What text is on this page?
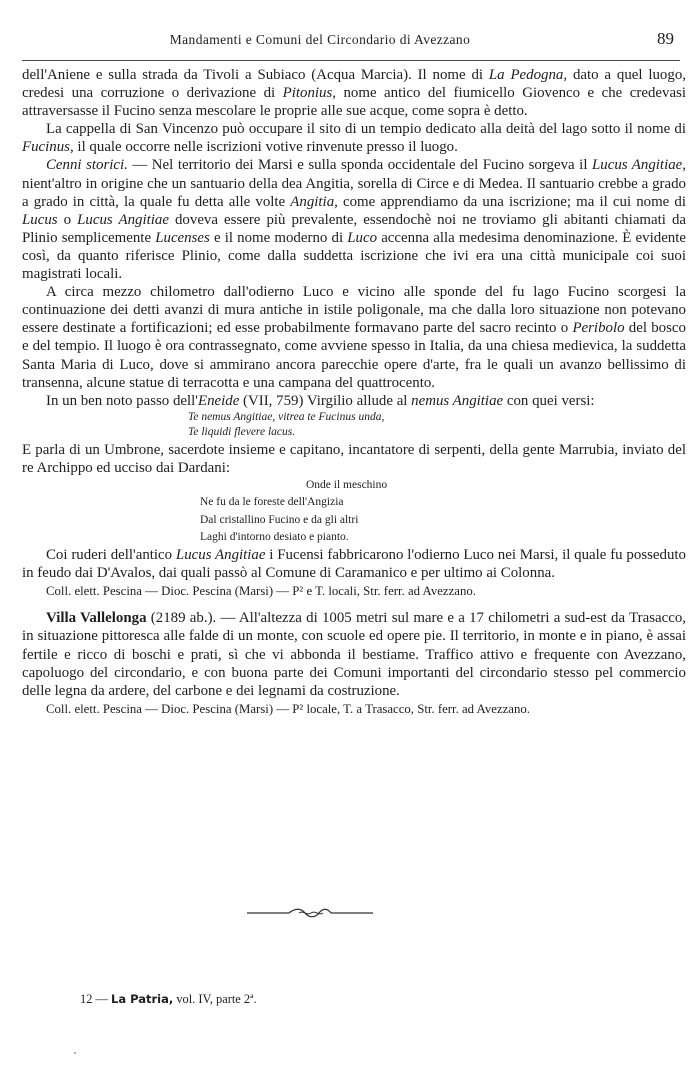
Mandamenti e Comuni del Circondario di Avezzano	89

dell'Aniene e sulla strada da Tivoli a Subiaco (Acqua Marcia). Il nome di La Pedogna, dato a quel luogo, credesi una corruzione o derivazione di Pitonius, nome antico del fiumicello Giovenco e che credevasi attraversasse il Fucino senza mescolare le proprie alle sue acque, come sopra è detto.

La cappella di San Vincenzo può occupare il sito di un tempio dedicato alla deità del lago sotto il nome di Fucinus, il quale occorre nelle iscrizioni votive rinvenute presso il luogo.

Cenni storici. — Nel territorio dei Marsi e sulla sponda occidentale del Fucino sorgeva il Lucus Angitiae, nient'altro in origine che un santuario della dea Angitia, sorella di Circe e di Medea. Il santuario crebbe a grado a grado in città, la quale fu detta alle volte Angitia, come apprendiamo da una iscrizione; ma il cui nome di Lucus o Lucus Angitiae doveva essere più prevalente, essendochè noi ne troviamo gli abitanti chiamati da Plinio semplicemente Lucenses e il nome moderno di Luco accenna alla medesima denominazione. È evidente così, da quanto riferisce Plinio, come dalla suddetta iscrizione che ivi era una città municipale coi suoi magistrati locali.

A circa mezzo chilometro dall'odierno Luco e vicino alle sponde del fu lago Fucino scorgesi la continuazione dei detti avanzi di mura antiche in istile poligonale, ma che dalla loro situazione non potevano essere destinate a fortificazioni; ed esse probabilmente formavano parte del sacro recinto o Peribolo del bosco e del tempio. Il luogo è ora contrassegnato, come avviene spesso in Italia, da una chiesa medievica, la suddetta Santa Maria di Luco, dove si ammirano ancora parecchie opere d'arte, fra le quali un avanzo bellissimo di transenna, alcune statue di terracotta e una campana del quattrocento.

In un ben noto passo dell'Eneide (VII, 759) Virgilio allude al nemus Angitiae con quei versi:

Te nemus Angitiae, vitrea te Fucinus unda,
Te liquidi flevere lacus.

E parla di un Umbrone, sacerdote insieme e capitano, incantatore di serpenti, della gente Marrubia, inviato del re Archippo ed ucciso dai Dardani:

Onde il meschino
Ne fu da le foreste dell'Angizia
Dal cristallino Fucino e da gli altri
Laghi d'intorno desiato e pianto.

Coi ruderi dell'antico Lucus Angitiae i Fucensi fabbricarono l'odierno Luco nei Marsi, il quale fu posseduto in feudo dai D'Avalos, dai quali passò al Comune di Caramanico e per ultimo ai Colonna.

Coll. elett. Pescina — Dioc. Pescina (Marsi) — P² e T. locali, Str. ferr. ad Avezzano.

Villa Vallelonga (2189 ab.). — All'altezza di 1005 metri sul mare e a 17 chilometri a sud-est da Trasacco, in situazione pittoresca alle falde di un monte, con scuole ed opere pie. Il territorio, in monte e in piano, è assai fertile e ricco di boschi e prati, sì che vi abbonda il bestiame. Traffico attivo e frequente con Avezzano, capoluogo del circondario, e con buona parte dei Comuni importanti del circondario stesso pel commercio delle legna da ardere, del carbone e dei legnami da costruzione.

Coll. elett. Pescina — Dioc. Pescina (Marsi) — P² locale, T. a Trasacco, Str. ferr. ad Avezzano.

12 — La Patria, vol. IV, parte 2ª.
